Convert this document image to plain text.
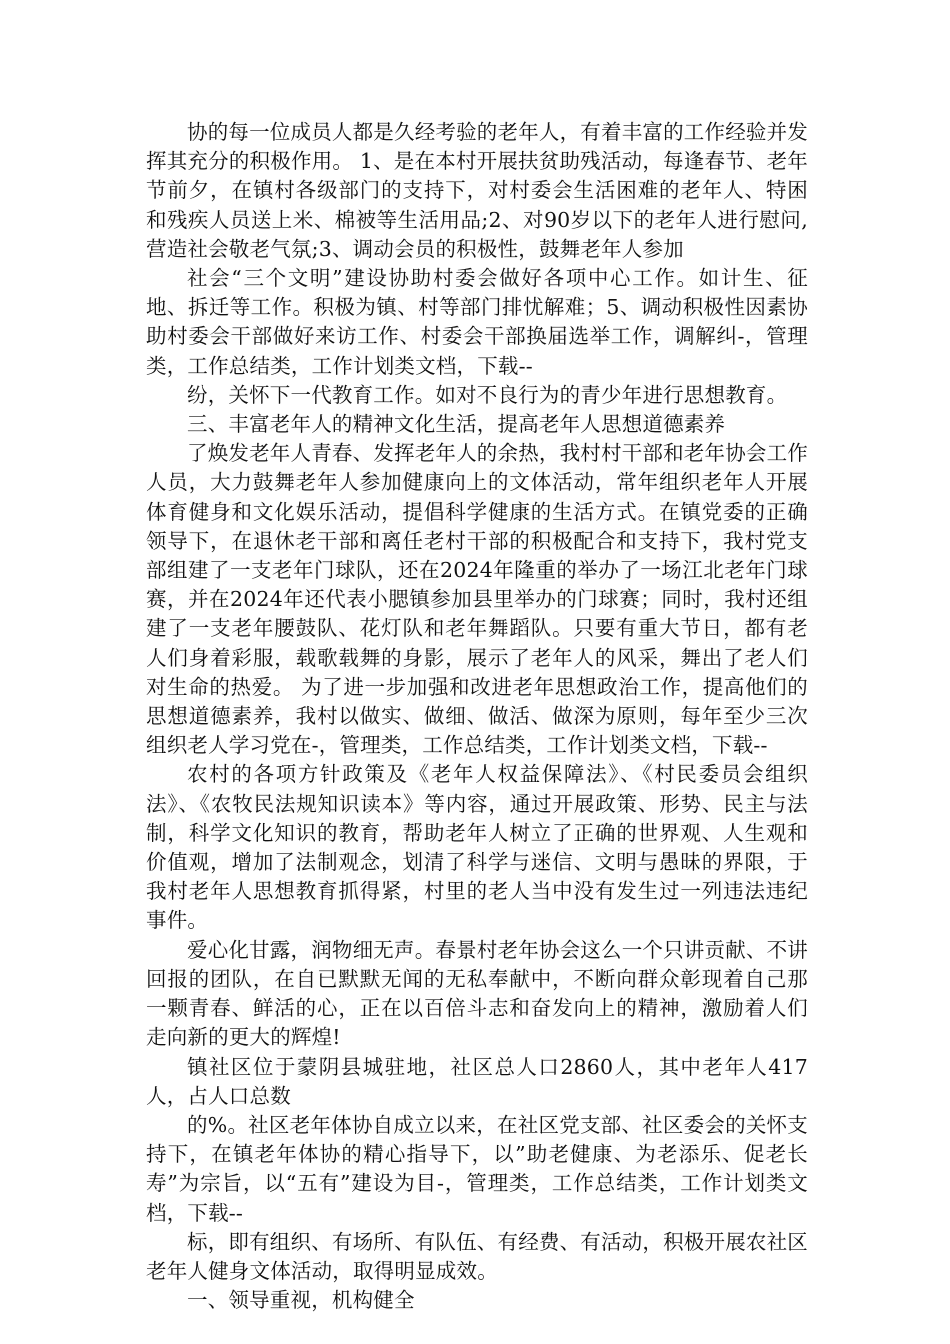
协的每一位成员人都是久经考验的老年人，有着丰富的工作经验并发挥其充分的积极作用。 1、是在本村开展扶贫助残活动，每逢春节、老年节前夕，在镇村各级部门的支持下，对村委会生活困难的老年人、特困和残疾人员送上米、棉被等生活用品;2、对90岁以下的老年人进行慰问,营造社会敬老气氛;3、调动会员的积极性，鼓舞老年人参加

社会“三个文明”建设协助村委会做好各项中心工作。如计生、征地、拆迁等工作。积极为镇、村等部门排忧解难；5、调动积极性因素协助村委会干部做好来访工作、村委会干部换届选举工作，调解纠-，管理类，工作总结类，工作计划类文档，下载--

纷，关怀下一代教育工作。如对不良行为的青少年进行思想教育。

三、丰富老年人的精神文化生活，提高老年人思想道德素养

了焕发老年人青春、发挥老年人的余热，我村村干部和老年协会工作人员，大力鼓舞老年人参加健康向上的文体活动，常年组织老年人开展体育健身和文化娱乐活动，提倡科学健康的生活方式。在镇党委的正确领导下，在退休老干部和离任老村干部的积极配合和支持下，我村党支部组建了一支老年门球队，还在2024年隆重的举办了一场江北老年门球赛，并在2024年还代表小腮镇参加县里举办的门球赛；同时，我村还组建了一支老年腰鼓队、花灯队和老年舞蹈队。只要有重大节日，都有老人们身着彩服，载歌载舞的身影，展示了老年人的风采，舞出了老人们对生命的热爱。 为了进一步加强和改进老年思想政治工作，提高他们的思想道德素养，我村以做实、做细、做活、做深为原则，每年至少三次组织老人学习党在-，管理类，工作总结类，工作计划类文档，下载--

农村的各项方针政策及《老年人权益保障法》、《村民委员会组织法》、《农牧民法规知识读本》等内容，通过开展政策、形势、民主与法制，科学文化知识的教育，帮助老年人树立了正确的世界观、人生观和价值观，增加了法制观念，划清了科学与迷信、文明与愚昧的界限，于我村老年人思想教育抓得紧，村里的老人当中没有发生过一列违法违纪事件。

爱心化甘露，润物细无声。春景村老年协会这么一个只讲贡献、不讲回报的团队，在自已默默无闻的无私奉献中，不断向群众彰现着自己那一颗青春、鲜活的心，正在以百倍斗志和奋发向上的精神，激励着人们走向新的更大的辉煌!

镇社区位于蒙阴县城驻地，社区总人口2860人，其中老年人417人，占人口总数

的%。社区老年体协自成立以来，在社区党支部、社区委会的关怀支持下，在镇老年体协的精心指导下，以”助老健康、为老添乐、促老长寿”为宗旨，以“五有”建设为目-，管理类，工作总结类，工作计划类文档，下载--

标，即有组织、有场所、有队伍、有经费、有活动，积极开展农社区老年人健身文体活动，取得明显成效。

一、领导重视，机构健全
